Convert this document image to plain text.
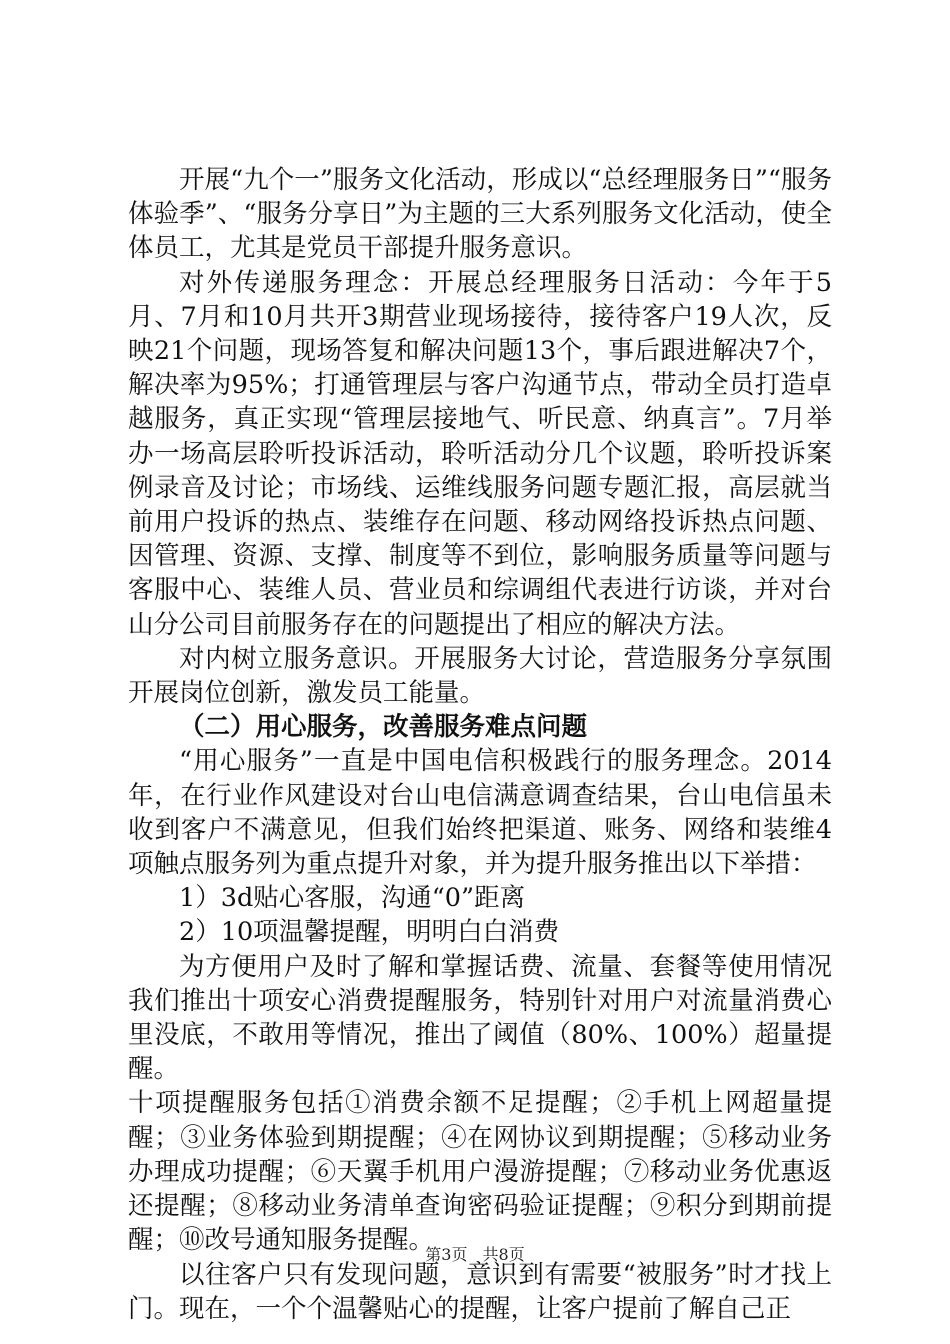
开展“九个一”服务文化活动，形成以“总经理服务日”“服务体验季”、“服务分享日”为主题的三大系列服务文化活动，使全体员工，尤其是党员干部提升服务意识。

对外传递服务理念：开展总经理服务日活动：今年于5月、7月和10月共开3期营业现场接待，接待客户19人次，反映21个问题，现场答复和解决问题13个，事后跟进解决7个，解决率为95%；打通管理层与客户沟通节点，带动全员打造卓越服务，真正实现“管理层接地气、听民意、纳真言”。7月举办一场高层聆听投诉活动，聆听活动分几个议题，聆听投诉案例录音及讨论；市场线、运维线服务问题专题汇报，高层就当前用户投诉的热点、装维存在问题、移动网络投诉热点问题、因管理、资源、支撑、制度等不到位，影响服务质量等问题与客服中心、装维人员、营业员和综调组代表进行访谈，并对台山分公司目前服务存在的问题提出了相应的解决方法。

对内树立服务意识。开展服务大讨论，营造服务分享氛围开展岗位创新，激发员工能量。

（二）用心服务，改善服务难点问题

“用心服务”一直是中国电信积极践行的服务理念。2014年，在行业作风建设对台山电信满意调查结果，台山电信虽未收到客户不满意见，但我们始终把渠道、账务、网络和装维4项触点服务列为重点提升对象，并为提升服务推出以下举措：

1）3d贴心客服，沟通“0”距离

2）10项温馨提醒，明明白白消费

为方便用户及时了解和掌握话费、流量、套餐等使用情况我们推出十项安心消费提醒服务，特别针对用户对流量消费心里没底，不敢用等情况，推出了阈值（80%、100%）超量提醒。

十项提醒服务包括①消费余额不足提醒；②手机上网超量提醒；③业务体验到期提醒；④在网协议到期提醒；⑤移动业务办理成功提醒；⑥天翼手机用户漫游提醒；⑦移动业务优惠返还提醒；⑧移动业务清单查询密码验证提醒；⑨积分到期前提醒；⑩改号通知服务提醒。

以往客户只有发现问题，意识到有需要“被服务”时才找上门。现在，一个个温馨贴心的提醒，让客户提前了解自己正

第3页 共8页
